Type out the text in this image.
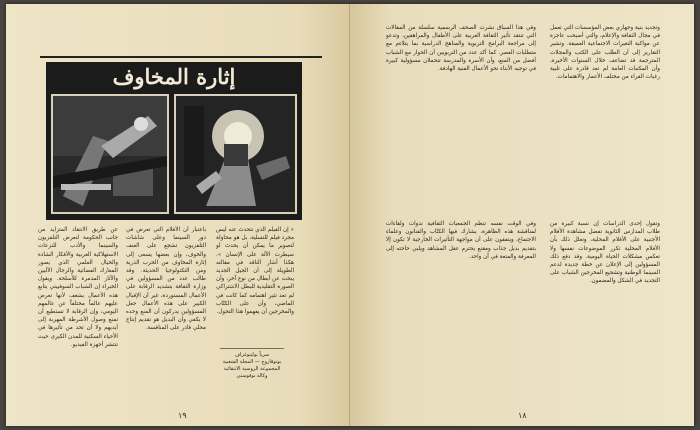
إثارة المخاوف

« إن الفيلم الذي نتحدث عنه ليس مجرد فيلم للتسلية، بل هو محاولة لتصوير ما يمكن أن يحدث لو سيطرت الآلة على الإنسان ». هكذا أشار الناقد في مقالته الطويلة إلى أن الجيل الجديد يبحث عن أبطال من نوع آخر، وأن الصورة التقليدية للبطل الاشتراكي لم تعد تثير اهتمامه كما كانت في الماضي، وأن على الكتّاب والمخرجين أن يفهموا هذا التحول.

باعتبار أن الأفلام التي تعرض في دور السينما وعلى شاشات التلفزيون تشجع على العنف والخوف، وإن بعضها يسعى إلى إثارة المخاوف من الحرب الذرية ومن التكنولوجيا الحديثة. وقد طالب عدد من المسؤولين في وزارة الثقافة بتشديد الرقابة على الأعمال المستوردة، غير أن الإقبال الكبير على هذه الأعمال جعل المسؤولين يدركون أن المنع وحده لا يكفي وأن البديل هو تقديم إنتاج محلي قادر على المنافسة.

عن طريق الانتقاد المتزايد من جانب الحكومة لتعرض التلفزيون والسينما والأدب للنزعات الاستهلاكية الغربية والأفكار الشاذة والخيال العلمي الذي يصور المعارك الفضائية والرجال الآليين والآثار المدمرة للأسلحة. ويقول الخبراء إن الشباب السوفييتي يتابع هذه الأعمال بشغف لأنها تعرض عليهم عالماً مختلفاً عن عالمهم اليومي، وإن الرقابة لا تستطيع أن تمنع وصول الأشرطة المهربة إلى أيديهم ولا أن تحد من تأثيرها في الأحياء السكنية للمدن الكبرى حيث تنتشر أجهزة الفيديو.

سرياً بوليتوغراف
بوتوفاروج — المجلة الشعبية
المجموعة الروسية الانتقائية
وكالة نوفوستي
١٩

وتجديد بنية وجهازي بعض المؤسسات التي تعمل في مجال الثقافة والإعلام، والتي أصبحت عاجزة عن مواكبة التغيرات الاجتماعية العميقة. وتشير التقارير إلى أن الطلب على الكتب والمجلات المترجمة قد تضاعف خلال السنوات الأخيرة، وأن المكتبات العامة لم تعد قادرة على تلبية رغبات القراء من مختلف الأعمار والاهتمامات.

وفي هذا السياق نشرت الصحف الرسمية سلسلة من المقالات التي تنتقد تأثير الثقافة الغربية على الأطفال والمراهقين، وتدعو إلى مراجعة البرامج التربوية والمناهج الدراسية بما يتلاءم مع متطلبات العصر. كما أكد عدد من التربويين أن الحوار مع الشباب أفضل من المنع، وأن الأسرة والمدرسة تتحملان مسؤولية كبيرة في توجيه الأبناء نحو الأعمال الفنية الهادفة.

وتقول إحدى الدراسات إن نسبة كبيرة من طلاب المدارس الثانوية تفضل مشاهدة الأفلام الأجنبية على الأفلام المحلية، وتعلل ذلك بأن الأفلام المحلية تكرر الموضوعات نفسها ولا تعكس مشكلات الحياة اليومية. وقد دفع ذلك المسؤولين إلى الإعلان عن خطة جديدة لدعم السينما الوطنية وتشجيع المخرجين الشباب على التجديد في الشكل والمضمون.

وفي الوقت نفسه تنظم الجمعيات الثقافية ندوات ولقاءات لمناقشة هذه الظاهرة، يشارك فيها الكتّاب والفنانون وعلماء الاجتماع، ويتفقون على أن مواجهة التأثيرات الخارجية لا تكون إلا بتقديم بديل جذاب ومقنع يحترم عقل المشاهد ويلبي حاجته إلى المعرفة والمتعة في آن واحد.

١٨
